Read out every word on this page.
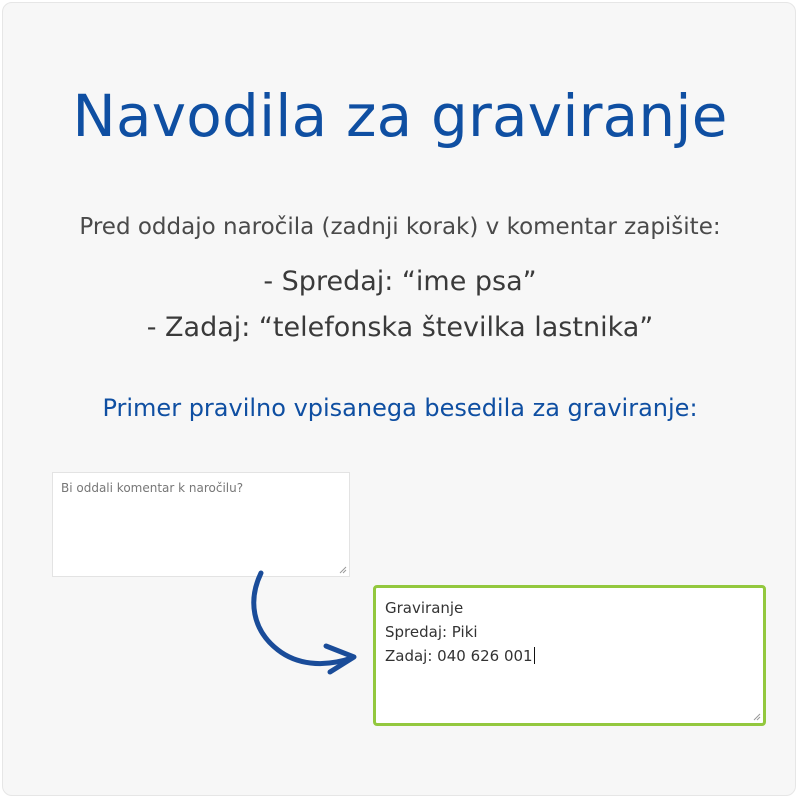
Navodila za graviranje
Pred oddajo naročila (zadnji korak) v komentar zapišite:
- Spredaj: “ime psa”
- Zadaj: “telefonska številka lastnika”
Primer pravilno vpisanega besedila za graviranje:
Bi oddali komentar k naročilu?
Graviranje
Spredaj: Piki
Zadaj: 040 626 001
